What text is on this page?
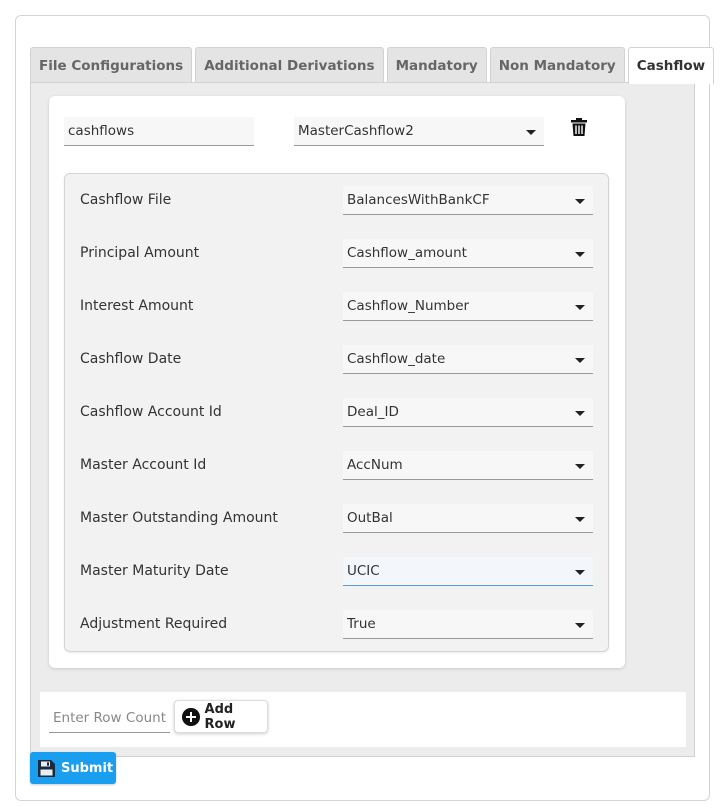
File Configurations	Additional Derivations	Mandatory	Non Mandatory	Cashflow
cashflows
MasterCashflow2
Cashflow File	BalancesWithBankCF
Principal Amount	Cashflow_amount
Interest Amount	Cashflow_Number
Cashflow Date	Cashflow_date
Cashflow Account Id	Deal_ID
Master Account Id	AccNum
Master Outstanding Amount	OutBal
Master Maturity Date	UCIC
Adjustment Required	True
Enter Row Count
Add Row
Submit
